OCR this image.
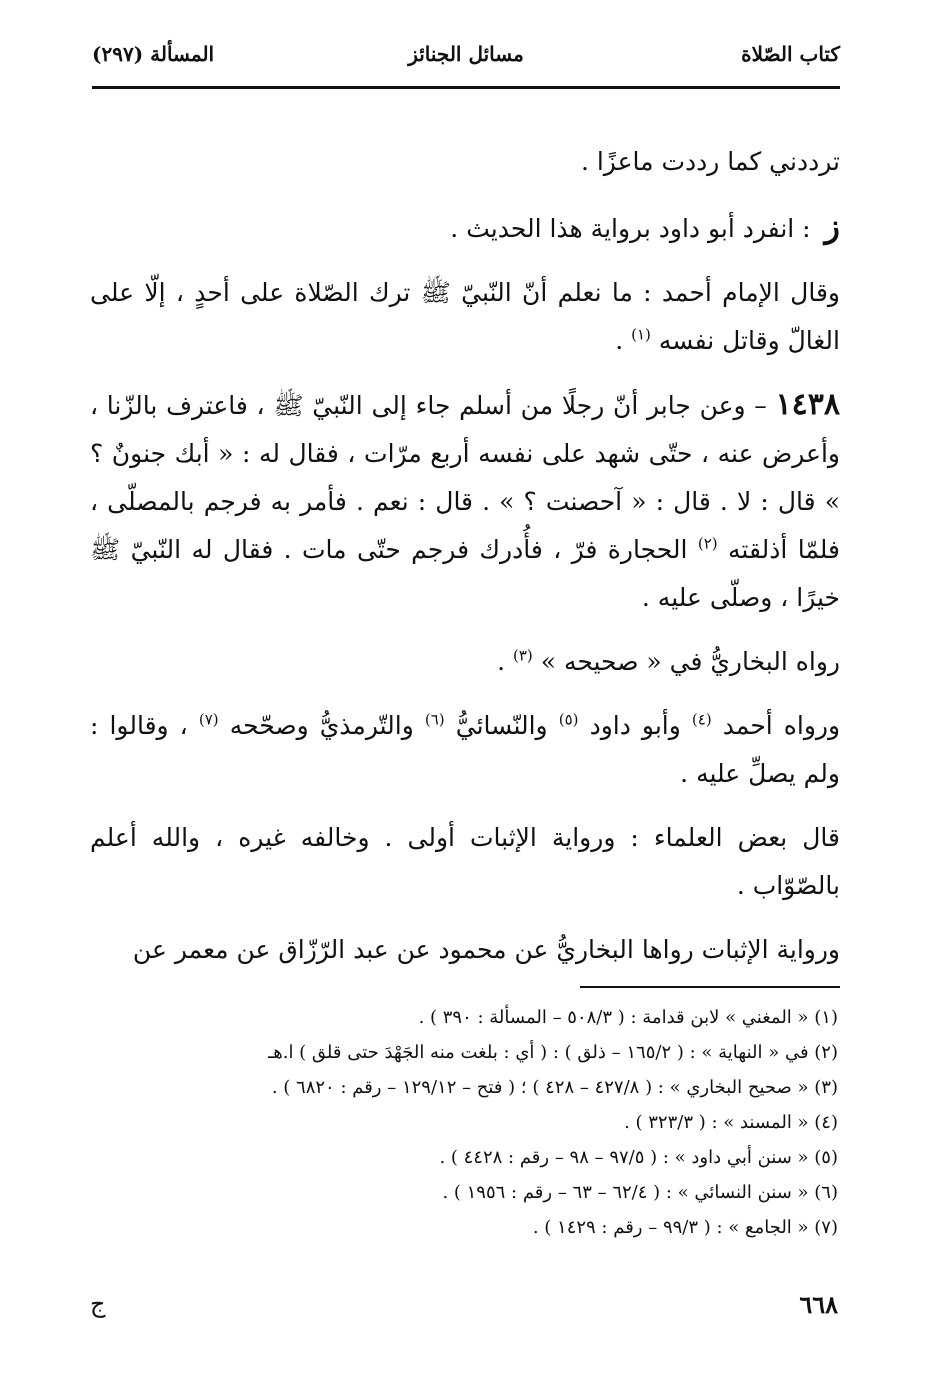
كتاب الصّلاة
مسائل الجنائز
المسألة (٢٩٧)

ترددني كما رددت ماعزًا .

ز : انفرد أبو داود برواية هذا الحديث .

وقال الإمام أحمد : ما نعلم أنّ النّبيّ ﷺ ترك الصّلاة على أحدٍ ، إلّا على الغالّ وقاتل نفسه $^{(١)}$ .

١٤٣٨ – وعن جابر أنّ رجلًا من أسلم جاء إلى النّبيّ ﷺ ، فاعترف بالزّنا ، وأعرض عنه ، حتّى شهد على نفسه أربع مرّات ، فقال له : « أبك جنونٌ ؟ » قال : لا . قال : « آحصنت ؟ » . قال : نعم . فأمر به فرجم بالمصلّى ، فلمّا أذلقته $^{(٢)}$ الحجارة فرّ ، فأُدرك فرجم حتّى مات . فقال له النّبيّ ﷺ خيرًا ، وصلّى عليه .

رواه البخاريُّ في « صحيحه » $^{(٣)}$ .

ورواه أحمد $^{(٤)}$ وأبو داود $^{(٥)}$ والنّسائيُّ $^{(٦)}$ والتّرمذيُّ وصحّحه $^{(٧)}$ ، وقالوا : ولم يصلِّ عليه .

قال بعض العلماء : ورواية الإثبات أولى . وخالفه غيره ، والله أعلم بالصّوّاب .

ورواية الإثبات رواها البخاريُّ عن محمود عن عبد الرّزّاق عن معمر عن

(١) « المغني » لابن قدامة : ( ٥٠٨/٣ – المسألة : ٣٩٠ ) .
(٢) في « النهاية » : ( ١٦٥/٢ – ذلق ) : ( أي : بلغت منه الجَهْدَ حتى قلق ) ا.هـ
(٣) « صحيح البخاري » : ( ٤٢٧/٨ – ٤٢٨ ) ؛ ( فتح – ١٢٩/١٢ – رقم : ٦٨٢٠ ) .
(٤) « المسند » : ( ٣٢٣/٣ ) .
(٥) « سنن أبي داود » : ( ٩٧/٥ – ٩٨ – رقم : ٤٤٢٨ ) .
(٦) « سنن النسائي » : ( ٦٢/٤ – ٦٣ – رقم : ١٩٥٦ ) .
(٧) « الجامع » : ( ٩٩/٣ – رقم : ١٤٢٩ ) .
٦٦٨
ج
